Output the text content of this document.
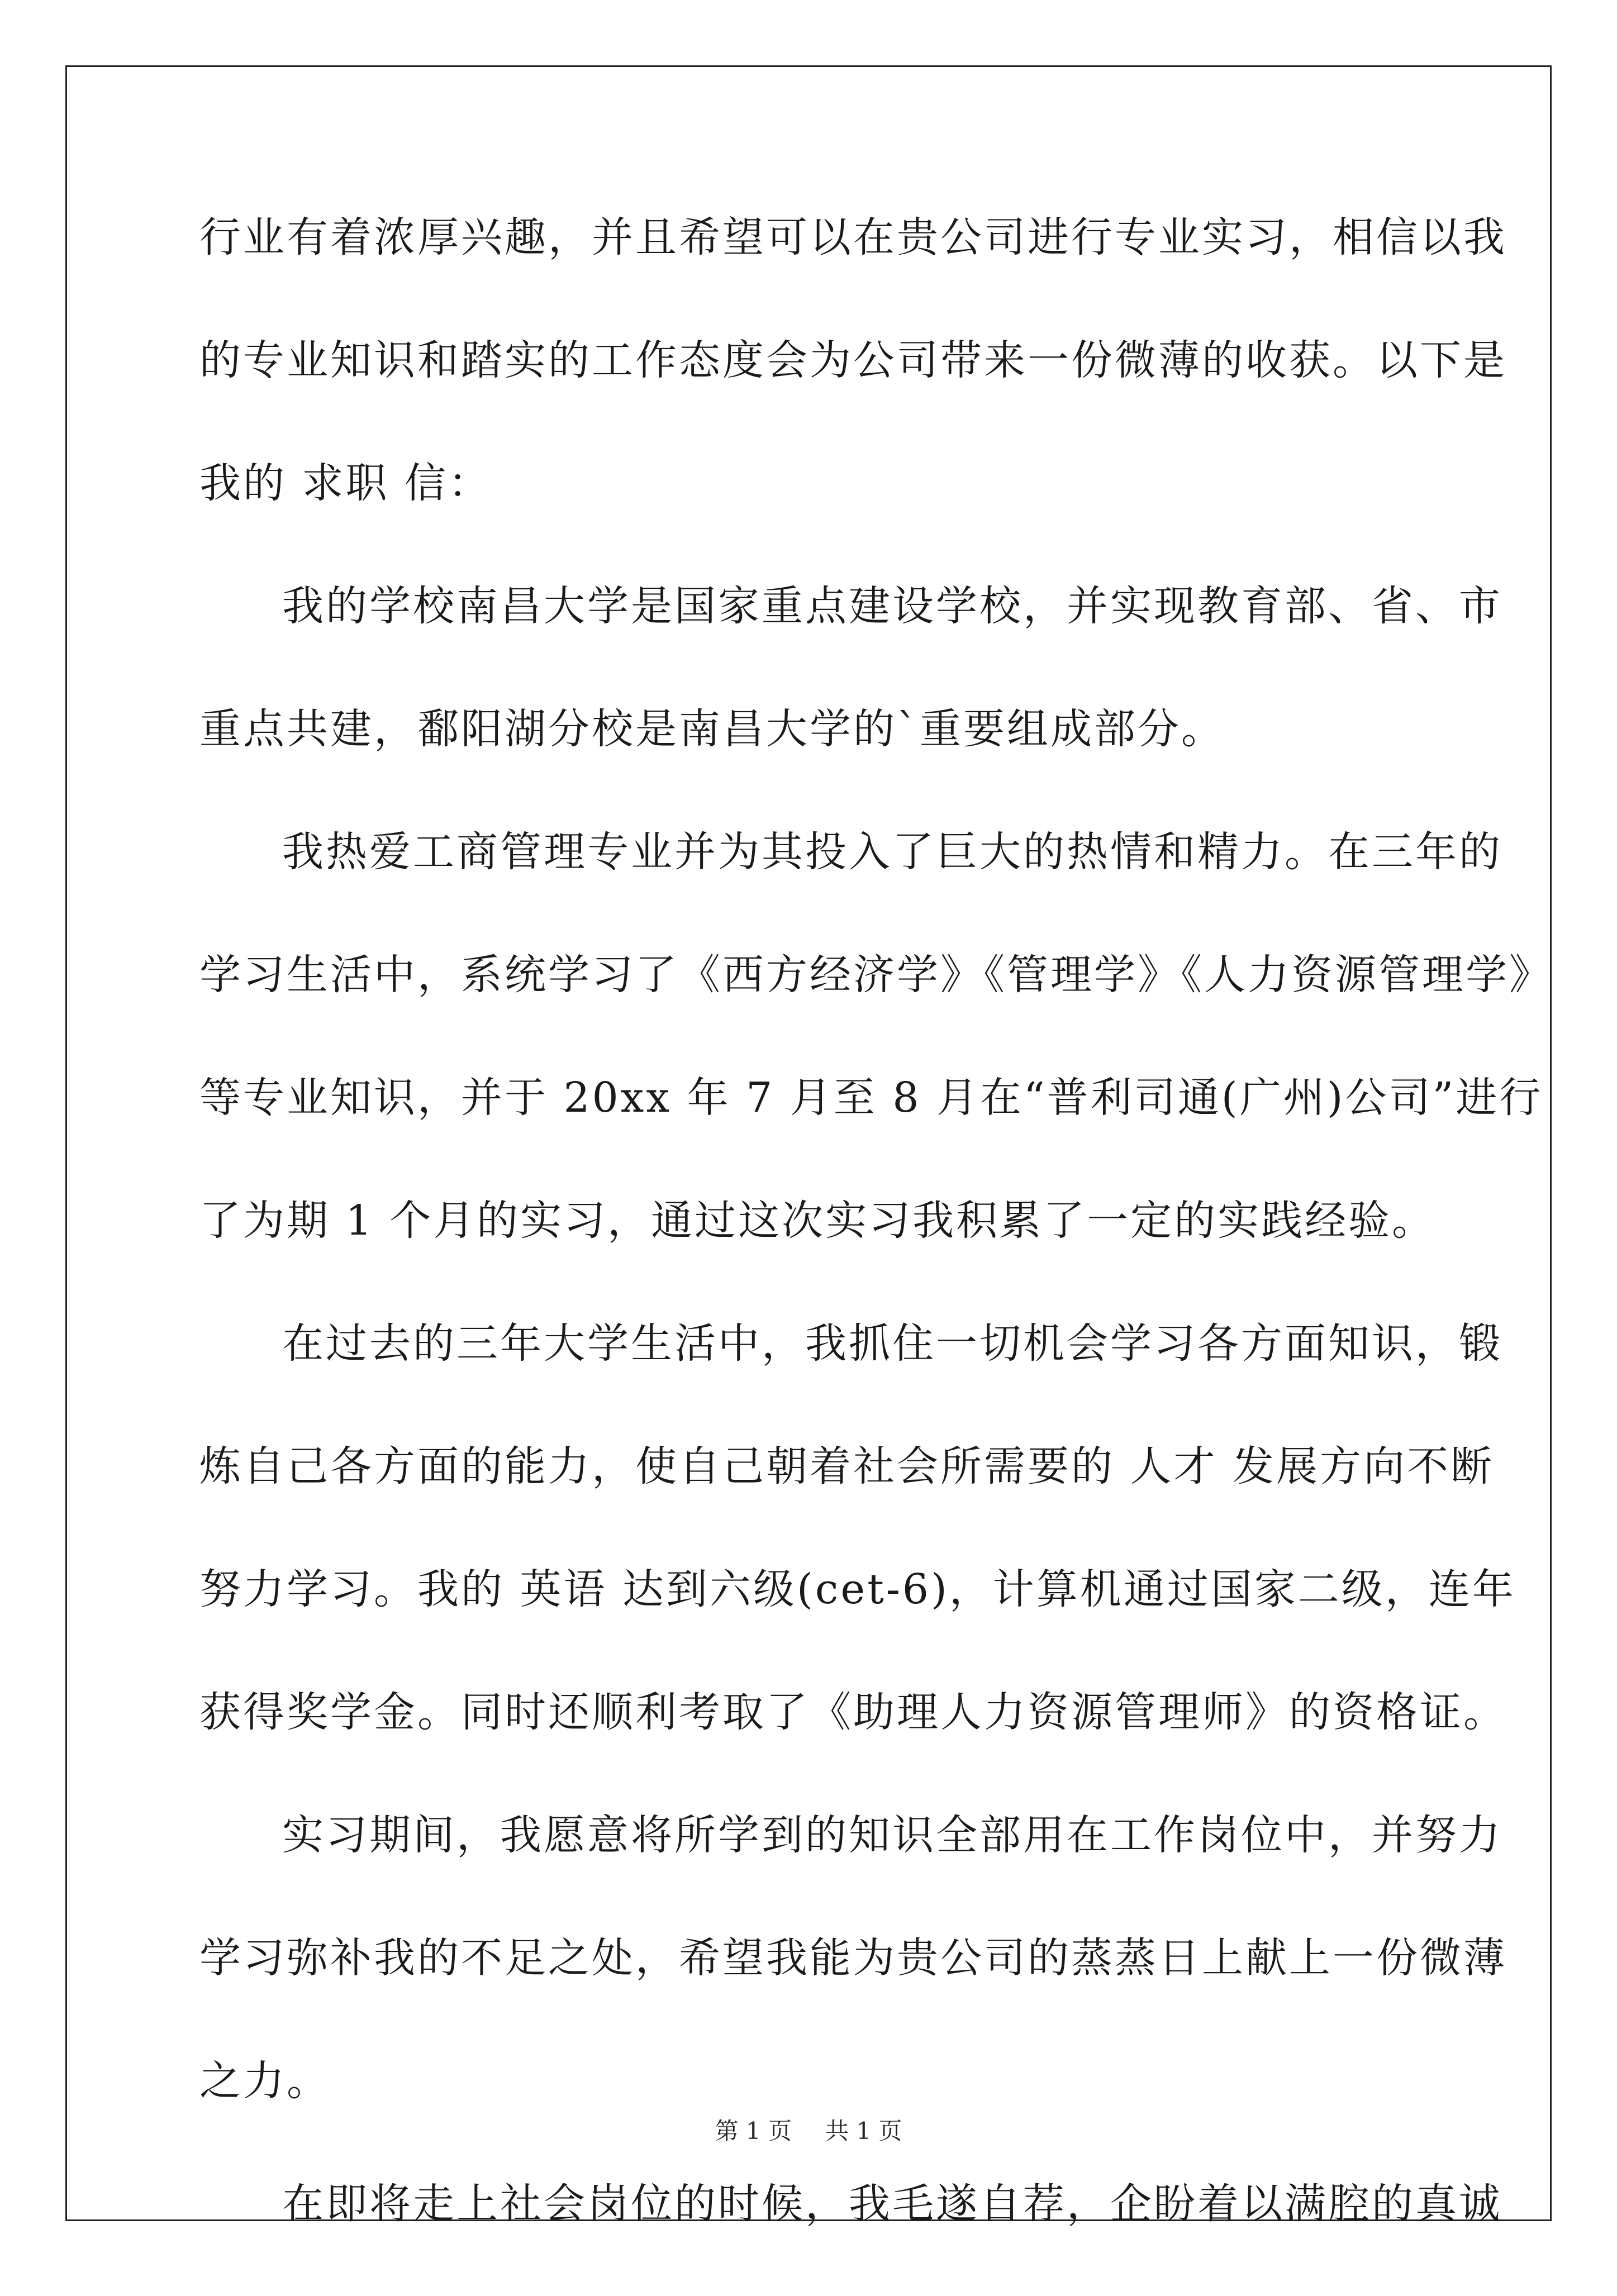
行业有着浓厚兴趣，并且希望可以在贵公司进行专业实习，相信以我
的专业知识和踏实的工作态度会为公司带来一份微薄的收获。以下是
我的 求职 信：
我的学校南昌大学是国家重点建设学校，并实现教育部、省、市
重点共建，鄱阳湖分校是南昌大学的`重要组成部分。
我热爱工商管理专业并为其投入了巨大的热情和精力。在三年的
学习生活中，系统学习了《西方经济学》《管理学》《人力资源管理学》
等专业知识，并于 20xx 年 7 月至 8 月在“普利司通(广州)公司”进行
了为期 1 个月的实习，通过这次实习我积累了一定的实践经验。
在过去的三年大学生活中，我抓住一切机会学习各方面知识，锻
炼自己各方面的能力，使自己朝着社会所需要的 人才 发展方向不断
努力学习。我的 英语 达到六级(cet-6)，计算机通过国家二级，连年
获得奖学金。同时还顺利考取了《助理人力资源管理师》的资格证。
实习期间，我愿意将所学到的知识全部用在工作岗位中，并努力
学习弥补我的不足之处，希望我能为贵公司的蒸蒸日上献上一份微薄
之力。
在即将走上社会岗位的时候，我毛遂自荐，企盼着以满腔的真诚
第 1 页 共 1 页
